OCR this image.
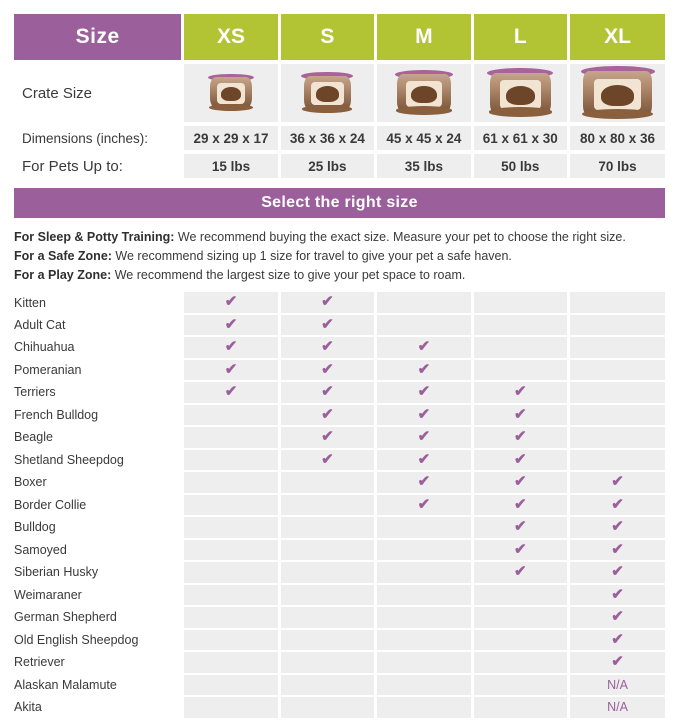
Size	XS	S	M	L	XL

Crate Size	

Dimensions (inches):	29 x 29 x 17	36 x 36 x 24	45 x 45 x 24	61 x 61 x 30	80 x 80 x 36

For Pets Up to:	15 lbs	25 lbs	35 lbs	50 lbs	70 lbs
Select the right size
For Sleep & Potty Training: We recommend buying the exact size. Measure your pet to choose the right size.
For a Safe Zone: We recommend sizing up 1 size for travel to give your pet a safe haven.
For a Play Zone: We recommend the largest size to give your pet space to roam.
Kitten	✔	✔			
Adult Cat	✔	✔			
Chihuahua	✔	✔	✔		
Pomeranian	✔	✔	✔		
Terriers	✔	✔	✔	✔	
French Bulldog		✔	✔	✔	
Beagle		✔	✔	✔	
Shetland Sheepdog		✔	✔	✔	
Boxer			✔	✔	✔
Border Collie			✔	✔	✔
Bulldog				✔	✔
Samoyed				✔	✔
Siberian Husky				✔	✔
Weimaraner					✔
German Shepherd					✔
Old English Sheepdog					✔
Retriever					✔
Alaskan Malamute					N/A
Akita					N/A
